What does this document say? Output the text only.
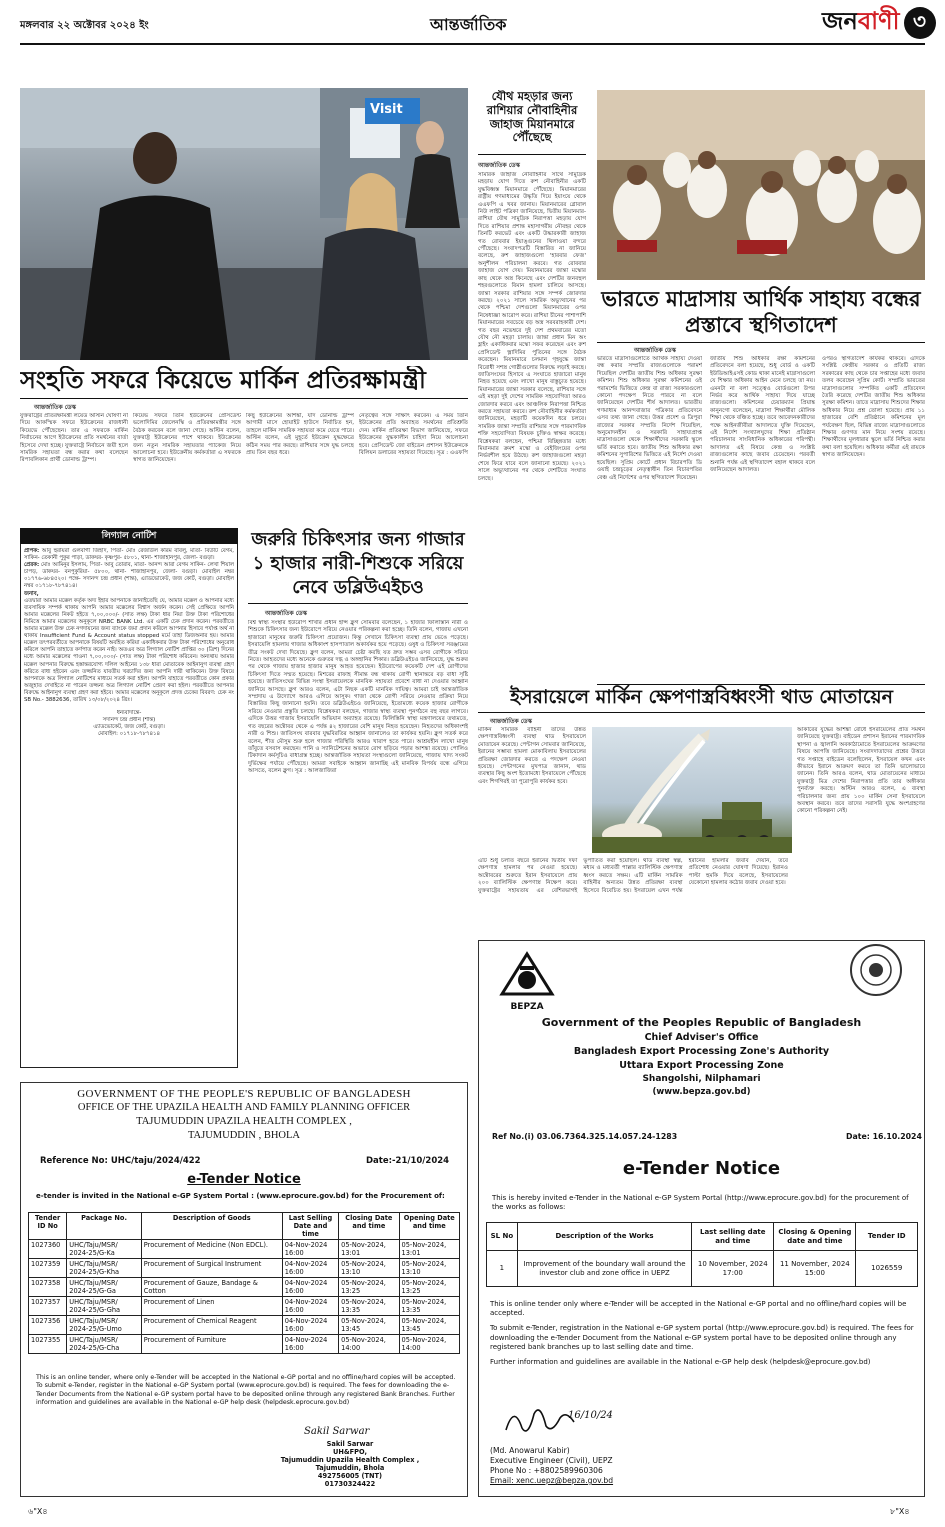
মঙ্গলবার ২২ অক্টোবর ২০২৪ ইং	আন্তর্জাতিক	জন বাণী ৩
Visit
যৌথ মহড়ার জন্য রাশিয়ার নৌবাহিনীর জাহাজ মিয়ানমারে পৌঁছেছে
আন্তর্জাতিক ডেস্ক
সামরিক জাহাজ নৌবাহিনীর সাথে সামুদ্রিক মহড়ায় যোগ দিতে রুশ নৌবাহিনীর একটি যুদ্ধবিধ্বস্ত মিয়ানমারে পৌঁছেছে। মিয়ানমারের রাষ্ট্রীয় গণমাধ্যমের উদ্ধৃতি দিয়ে ইয়াংয়ে থেকে এএফপি এ খবর জানায়। মিয়ানমারের গ্লোবাল নিউ লাইট পত্রিকা জানিয়েছে, দ্বিতীয় মিয়ানমার-রাশিয়া যৌথ সামুদ্রিক নিরাপত্তা মহড়ায় যোগ দিতে রাশিয়ার প্রশান্ত মহাসাগরীয় নৌবহর থেকে তিনটি করভেট এবং একটি উদ্ধারকারী জাহাজ গত রোববার ইয়াঙ্গুনের থিলাওয়া বন্দরে পৌঁছেছে। সংবাদপত্রটি বিস্তারিত না জানিয়ে বলেছে, রুশ জাহাজগুলো 'হারবার ফেজ' অনুশীলন পরিচালনা করবে। গত রোববার জাহাজ যোগ দেয়। মিয়ানমারের জান্তা মস্কোর কাছ থেকে অস্ত্র কিনেছে এবং দেশটির জনবহুল শহরগুলোতে বিমান হামলা চালিয়ে আসছে। জান্তা সরকার রাশিয়ার সঙ্গে সম্পর্ক জোরদার করছে। ২০২১ সালে সামরিক অভ্যুত্থানের পর থেকে পশ্চিমা দেশগুলো মিয়ানমারের ওপর নিষেধাজ্ঞা আরোপ করে। রাশিয়া চীনের পাশাপাশি মিয়ানমারের সবচেয়ে বড় অস্ত্র সরবরাহকারী দেশ। গত বছর নভেম্বরে দুই দেশ প্রথমবারের মতো যৌথ নৌ মহড়া চালায়। জান্তা প্রধান মিন অং হ্লাইং একাধিকবার মস্কো সফর করেছেন এবং রুশ প্রেসিডেন্ট ভ্লাদিমির পুতিনের সঙ্গে বৈঠক করেছেন। মিয়ানমারে চলমান গৃহযুদ্ধে জান্তা বিরোধী সশস্ত্র গোষ্ঠীগুলোর বিরুদ্ধে লড়াই করছে। জাতিসংঘের হিসাবে এ সংঘাতে হাজারো মানুষ নিহত হয়েছে এবং লাখো মানুষ বাস্তুচ্যুত হয়েছে। মিয়ানমারের জান্তা সরকার বলেছে, রাশিয়ার সঙ্গে এই মহড়া দুই দেশের সামরিক সহযোগিতা আরও জোরদার করবে এবং আঞ্চলিক নিরাপত্তা নিশ্চিত করতে সহায়তা করবে। রুশ নৌবাহিনীর কর্মকর্তারা জানিয়েছেন, মহড়াটি কয়েকদিন ধরে চলবে। সামরিক জান্তা সম্প্রতি রাশিয়ার সঙ্গে পারমাণবিক শক্তি সহযোগিতা বিষয়ক চুক্তিও স্বাক্ষর করেছে। বিশ্লেষকরা বলছেন, পশ্চিমা বিচ্ছিন্নতার মধ্যে মিয়ানমার ক্রমশ মস্কো ও বেইজিংয়ের ওপর নির্ভরশীল হয়ে উঠছে। রুশ জাহাজগুলো মহড়া শেষে ফিরে যাবে বলে জানানো হয়েছে। ২০২১ সালে অভ্যুত্থানের পর থেকে দেশটিতে সংঘাত চলছে।
ভারতে মাদ্রাসায় আর্থিক সাহায্য বন্ধের প্রস্তাবে স্থগিতাদেশ
আন্তর্জাতিক ডেস্ক
ভারতে মাদ্রাসাগুলোতে আর্থিক সাহায্য দেওয়া বন্ধ করার সম্প্রতি রাজ্যগুলোকে পরামর্শ দিয়েছিল দেশটির জাতীয় শিশু অধিকার সুরক্ষা কমিশন। শিশু অধিকার সুরক্ষা কমিশনের ওই পরামর্শের ভিত্তিতে কেন্দ্র বা রাজ্য সরকারগুলো কোনো পদক্ষেপ নিতে পারবে না বলে জানিয়েছেন দেশটির শীর্ষ আদালত। ভারতীয় গণমাধ্যম আনন্দবাজার পত্রিকার প্রতিবেদনে এসব তথ্য জানা গেছে। উত্তর প্রদেশ ও ত্রিপুরা রাজ্যের সরকার সম্প্রতি নির্দেশ দিয়েছিল, অনুমোদনহীন ও সরকারি সাহায্যপ্রাপ্ত মাদ্রাসাগুলো থেকে শিক্ষার্থীদের সরকারি স্কুলে ভর্তি করাতে হবে। জাতীয় শিশু অধিকার রক্ষা কমিশনের সুপারিশের ভিত্তিতে এই নির্দেশ দেওয়া হয়েছিল। সুপ্রিম কোর্টে প্রধান বিচারপতি ডি ওয়াই চন্দ্রচূড়ের নেতৃত্বাধীন তিন বিচারপতির বেঞ্চ এই নির্দেশের ওপর স্থগিতাদেশ দিয়েছেন।
জাতীয় শিশু অধিকার রক্ষা কমিশনের প্রতিবেদনে বলা হয়েছে, শুধু বোর্ড ও একটি ইউডিআইএসই কোড থাকা মানেই মাদ্রাসাগুলো যে শিক্ষার অধিকার আইন মেনে চলছে তা নয়। এমনটা না বলা সত্ত্বেও বোর্ডগুলো উপর নির্ভর করে আর্থিক সাহায্য দিয়ে যাচ্ছে রাজ্যগুলো। কমিশনের চেয়ারম্যান প্রিয়াঙ্ক কানুনগো বলেছেন, মাদ্রাসা শিক্ষার্থীরা মৌলিক শিক্ষা থেকে বঞ্চিত হচ্ছে। তবে আবেদনকারীদের পক্ষে আইনজীবীরা আদালতে যুক্তি দিয়েছেন, এই নির্দেশ সংখ্যালঘুদের শিক্ষা প্রতিষ্ঠান পরিচালনার সাংবিধানিক অধিকারের পরিপন্থী। আদালত এই বিষয়ে কেন্দ্র ও সংশ্লিষ্ট রাজ্যগুলোর কাছে জবাব চেয়েছেন। পরবর্তী শুনানি পর্যন্ত এই স্থগিতাদেশ বহাল থাকবে বলে জানিয়েছেন আদালত।
ওপরও স্থগিতাদেশ কার্যকর থাকবে। এদিকে সংশ্লিষ্ট কেন্দ্রীয় সরকার ও প্রতিটি রাজ্য সরকারের কাছ থেকে চার সপ্তাহের মধ্যে জবাব তলব করেছেন সুপ্রিম কোর্ট। সম্প্রতি ভারতের মাদ্রাসাগুলোর সম্পর্কিত একটি প্রতিবেদন তৈরি করেছে দেশটির জাতীয় শিশু অধিকার সুরক্ষা কমিশন। তাতে মাদ্রাসায় শিশুদের শিক্ষার অধিকার নিয়ে প্রশ্ন তোলা হয়েছে। প্রায় ১১ হাজারের বেশি প্রতিষ্ঠানে কমিশনের মূল পর্যবেক্ষণ ছিল, বিভিন্ন রাজ্যে মাদ্রাসাগুলোতে শিক্ষার গুণগত মান নিয়ে সংশয় রয়েছে। শিক্ষার্থীদের মূলধারার স্কুলে ভর্তি নিশ্চিত করার কথা বলা হয়েছিল। অধিকার কর্মীরা এই রায়কে স্বাগত জানিয়েছেন।
সংহতি সফরে কিয়েভে মার্কিন প্রতিরক্ষামন্ত্রী
আন্তর্জাতিক ডেস্ক
যুক্তরাষ্ট্রের প্রতিরক্ষামন্ত্রী লয়েড অস্টিন ঘোষণা না দিয়ে আকস্মিক সফরে ইউক্রেনের রাজধানী কিয়েভে পৌঁছেছেন। তার এ সফরকে মার্কিন নির্বাচনের আগে ইউক্রেনের প্রতি সমর্থনের বার্তা হিসেবে দেখা হচ্ছে। যুক্তরাষ্ট্রে নির্বাচনে জয়ী হলে সামরিক সহায়তা বন্ধ করার কথা বলেছেন রিপাবলিকান প্রার্থী ডোনাল্ড ট্রাম্প।
কিয়েভ সফরে তিনি ইউক্রেনের প্রেসিডেন্ট ভলোদিমির জেলেনস্কি ও প্রতিরক্ষামন্ত্রীর সঙ্গে বৈঠক করবেন বলে জানা গেছে। অস্টিন বলেন, যুক্তরাষ্ট্র ইউক্রেনের পাশে থাকবে। ইউক্রেনের জন্য নতুন সামরিক সহায়তার প্যাকেজ নিয়ে আলোচনা হবে। ইউক্রেনীয় কর্মকর্তারা এ সফরকে স্বাগত জানিয়েছেন।
কিছু ইউক্রেনের আশঙ্কা, যদি ডোনাল্ড ট্রাম্প আগামী মাসে হোয়াইট হাউসে নির্বাচিত হন, তাহলে মার্কিন সামরিক সহায়তা কমে যেতে পারে। অস্টিন বলেন, এই মুহূর্তে ইউক্রেন যুদ্ধক্ষেত্রে কঠিন সময় পার করছে। রাশিয়ার সঙ্গে যুদ্ধ চলছে প্রায় তিন বছর ধরে।
নেতৃত্বের সঙ্গে সাক্ষাৎ করবেন। এ সময় তিনি ইউক্রেনের প্রতি অব্যাহত সমর্থনের প্রতিশ্রুতি দেন। মার্কিন প্রতিরক্ষা বিভাগ জানিয়েছে, সফরে ইউক্রেনের যুদ্ধকালীন চাহিদা নিয়ে আলোচনা হবে। প্রেসিডেন্ট জো বাইডেন প্রশাসন ইউক্রেনকে বিলিয়ন ডলারের সহায়তা দিয়েছে। সূত্র : এএফপি
লিগ্যাল নোটিশ
প্রাপক: আবু হুরায়রা গুলবাগী জিহাদ, পিতা- মোঃ রেজাউল করিম বাবলু, মাতা- বিউটি বেগম, সাকিন- তেকানী পুকুর পাড়া, ডাকঘর- কৃষ্ণপুর- ৫৮০১, থানা- শাজাহানপুর, জেলা- বগুড়া।
প্রেরক: মোঃ আমিনুর ইসলাম, পিতা- আবু তোরাব, মাতা- আনন্দ আরা বেগম সাকিন- লেখা শিয়াল চাপড়, ডাকঘর- বনপুকুরিয়া- ৫৮০০, থানা- শাজাহানপুর, জেলা- বগুড়া। মোবাইল নম্বর ০১৭৭৬-৬৮৪৫২০। পক্ষে- সদানন্দ চন্দ্র প্রধান (শান্ত), এ্যাডভোকেট, জজ কোর্ট, বগুড়া। মোবাইল নম্বর ০১৭১৮-৭৮৭৪১৪।
জনাব,
এতদ্বারা আমার মক্কেল কর্তৃক অদ্য ইহার আপনাকে জানাইতেছি যে, আমার মক্কেল ও আপনার মধ্যে ব্যবসায়িক সম্পর্ক থাকায় আপনি আমার মক্কেলের বিশ্বাস অর্জন করেন। সেই প্রেক্ষিতে আপনি আমার মক্কেলের নিকট হইতে ৭,০০,০০০/- (সাত লক্ষ) টাকা ধার নিয়া উক্ত টাকা পরিশোধের নিমিত্তে আমার মক্কেলের অনুকূলে NRBC BANK Ltd. এর একটি চেক প্রদান করেন। পরবর্তীতে আমার মক্কেল উক্ত চেক নগদায়নের জন্য ব্যাংকে জমা প্রদান করিলে আপনার হিসাবে পর্যাপ্ত অর্থ না থাকায় Insufficient Fund & Account status stopped মর্মে তাহা ডিজঅনার হয়। আমার মক্কেল তৎপরবর্তীতে আপনাকে বিষয়টি অবহিত করিয়া একাধিকবার উক্ত টাকা পরিশোধের অনুরোধ করিলে আপনি তাহাতে কর্ণপাত করেন নাই। অতএব অত্র লিগ্যাল নোটিশ প্রাপ্তির ৩০ (ত্রিশ) দিনের মধ্যে আমার মক্কেলের পাওনা ৭,০০,০০০/- (সাত লক্ষ) টাকা পরিশোধ করিবেন। অন্যথায় আমার মক্কেল আপনার বিরুদ্ধে হস্তান্তরযোগ্য দলিল আইনের ১৩৮ ধারা মোতাবেক আইনানুগ ব্যবস্থা গ্রহণ করিতে বাধ্য হইবেন এবং তজ্জনিত যাবতীয় খরচাদির জন্য আপনি দায়ী থাকিবেন। উক্ত বিষয়ে আপনাকে অত্র লিগ্যাল নোটিশের মাধ্যমে সতর্ক করা হইল। আপনি যাহাতে পরবর্তীতে কোন প্রকার অজুহাত দেখাইতে না পারেন তজ্জন্য অত্র লিগ্যাল নোটিশ প্রেরণ করা হইল। পরবর্তীতে আপনার বিরুদ্ধে আইনানুগ ব্যবস্থা গ্রহণ করা হইবে। আমার মক্কেলের অনুকূলে প্রদত্ত চেকের বিবরণ: চেক নং SB No.- 3882636, তারিখ ১৩/০৮/২০২৪ খ্রিঃ।

ধন্যবাদান্তে-
সদানন্দ চন্দ্র প্রধান (শান্ত)
এ্যাডভোকেট, জজ কোর্ট, বগুড়া।
মোবাইল: ০১৭১৮-৭৮৭৪১৪
জরুরি চিকিৎসার জন্য গাজার ১ হাজার নারী-শিশুকে সরিয়ে নেবে ডব্লিউএইচও
আন্তর্জাতিক ডেস্ক
বিশ্ব স্বাস্থ্য সংস্থার ইউরোপ শাখার প্রধান হান্স ক্লুগ সোমবার বলেছেন, ১ হাজার ফিলিস্তিনি নারী ও শিশুকে চিকিৎসার জন্য ইউরোপে সরিয়ে নেওয়ার পরিকল্পনা করা হচ্ছে। তিনি বলেন, গাজায় এখনো হাজারো মানুষের জরুরি চিকিৎসা প্রয়োজন। কিন্তু সেখানে চিকিৎসা ব্যবস্থা প্রায় ভেঙে পড়েছে। ইসরায়েলি হামলায় গাজার অধিকাংশ হাসপাতাল অকার্যকর হয়ে পড়েছে। ওষুধ ও চিকিৎসা সরঞ্জামের তীব্র সংকট দেখা দিয়েছে। ক্লুগ বলেন, আমরা চেষ্টা করছি যত দ্রুত সম্ভব এসব রোগীকে সরিয়ে নিতে। আহতদের মধ্যে অনেকে গুরুতর দগ্ধ ও অঙ্গহানির শিকার। ডব্লিউএইচও জানিয়েছে, যুদ্ধ শুরুর পর থেকে গাজায় হাজার হাজার মানুষ আহত হয়েছেন। ইউরোপের কয়েকটি দেশ এই রোগীদের চিকিৎসা দিতে সম্মত হয়েছে। মিশরের রাফাহ সীমান্ত বন্ধ থাকায় রোগী স্থানান্তরে বড় বাধা সৃষ্টি হয়েছে। জাতিসংঘের বিভিন্ন সংস্থা ইসরায়েলকে মানবিক সহায়তা প্রবেশে বাধা না দেওয়ার আহ্বান জানিয়ে আসছে। ক্লুগ আরও বলেন, এটা নিছক একটি মানবিক দায়িত্ব। আমরা চাই আন্তর্জাতিক সম্প্রদায় এ উদ্যোগে আরও এগিয়ে আসুক। গাজা থেকে রোগী সরিয়ে নেওয়ার প্রক্রিয়া নিয়ে বিস্তারিত কিছু জানানো হয়নি। তবে ডব্লিউএইচও জানিয়েছে, ইতোমধ্যে কয়েক হাজার রোগীকে সরিয়ে নেওয়ার প্রস্তুতি চলছে। বিশ্লেষকরা বলছেন, গাজার স্বাস্থ্য ব্যবস্থা পুনর্গঠনে বহু বছর লাগবে। এদিকে উত্তর গাজায় ইসরায়েলি অভিযান অব্যাহত রয়েছে। ফিলিস্তিনি স্বাস্থ্য মন্ত্রণালয়ের তথ্যমতে, গত বছরের অক্টোবর থেকে এ পর্যন্ত ৪২ হাজারের বেশি মানুষ নিহত হয়েছেন। নিহতদের অধিকাংশই নারী ও শিশু। জাতিসংঘ বারবার যুদ্ধবিরতির আহ্বান জানালেও তা কার্যকর হয়নি। ক্লুগ সতর্ক করে বলেন, শীত মৌসুম শুরু হলে গাজার পরিস্থিতি আরও খারাপ হতে পারে। আশ্রয়হীন লাখো মানুষ তাঁবুতে বসবাস করছেন। পানি ও স্যানিটেশনের অভাবে রোগ ছড়িয়ে পড়ার আশঙ্কা রয়েছে। পোলিও টিকাদান কর্মসূচিও বাধাগ্রস্ত হচ্ছে। আন্তর্জাতিক সহায়তা সংস্থাগুলো জানিয়েছে, গাজায় খাদ্য সংকট দুর্ভিক্ষের পর্যায়ে পৌঁছেছে। আমরা সবাইকে আহ্বান জানাচ্ছি এই মানবিক বিপর্যয় বন্ধে এগিয়ে আসতে, বলেন ক্লুগ। সূত্র : আলজাজিরা
ইসরায়েলে মার্কিন ক্ষেপণাস্ত্রবিধ্বংসী থাড মোতায়েন
আন্তর্জাতিক ডেস্ক
মার্কিন সামরিক বাহিনী তাদের উন্নত ক্ষেপণাস্ত্রবিধ্বংসী ব্যবস্থা থাড ইসরায়েলে মোতায়েন করেছে। পেন্টাগন সোমবার জানিয়েছে, ইরানের সম্ভাব্য হামলা মোকাবিলায় ইসরায়েলের প্রতিরক্ষা জোরদার করতে এ পদক্ষেপ নেওয়া হয়েছে। পেন্টাগনের মুখপাত্র জানান, থাড ব্যবস্থার কিছু অংশ ইতোমধ্যে ইসরায়েলে পৌঁছেছে এবং শিগগিরই তা পুরোপুরি কার্যকর হবে।
আকারের যুদ্ধের আশঙ্কা রোধে ইসরায়েলের প্রতি সমর্থন জানিয়েছে যুক্তরাষ্ট্র। বাইডেন প্রশাসন ইরানের পারমাণবিক স্থাপনা ও জ্বালানি অবকাঠামোতে ইসরায়েলের আক্রমণের বিষয়ে আপত্তি জানিয়েছে। সংবাদদাতাদের প্রশ্নের উত্তরে গত সপ্তাহে বাইডেন বলেছিলেন, ইসরায়েল কখন এবং কীভাবে ইরানে আক্রমণ করবে তা তিনি ভালোভাবে জানেন। তিনি আরও বলেন, থাড মোতায়েনের মাধ্যমে যুক্তরাষ্ট্র মিত্র দেশের নিরাপত্তার প্রতি তার অঙ্গীকার পুনর্ব্যক্ত করছে। অস্টিন আরও বলেন, এ ব্যবস্থা পরিচালনার জন্য প্রায় ১০০ মার্কিন সেনা ইসরায়েলে অবস্থান করবে। তবে তাদের সরাসরি যুদ্ধে অংশগ্রহণের কোনো পরিকল্পনা নেই।
এটি শুধু চলতি বছরে ইরানের দ্বিতীয় দফা ক্ষেপণাস্ত্র হামলার পর নেওয়া হয়েছে। অক্টোবরের শুরুতে ইরান ইসরায়েলে প্রায় ২০০ ব্যালিস্টিক ক্ষেপণাস্ত্র নিক্ষেপ করে। যুক্তরাষ্ট্রের সহায়তায় এর বেশিরভাগই ভূপাতিত করা হয়েছিল। থাড ব্যবস্থা স্বল্প, মধ্যম ও মধ্যবর্তী পাল্লার ব্যালিস্টিক ক্ষেপণাস্ত্র ধ্বংস করতে সক্ষম। এটি মার্কিন সামরিক বাহিনীর অন্যতম উন্নত প্রতিরক্ষা ব্যবস্থা হিসেবে বিবেচিত হয়। ইসরায়েল এখন পর্যন্ত ইরানের হামলার জবাব দেয়নি, তবে প্রতিশোধ নেওয়ার ঘোষণা দিয়েছে। ইরানও পাল্টা হুমকি দিয়ে বলেছে, ইসরায়েলের যেকোনো হামলার কঠোর জবাব দেওয়া হবে।
GOVERNMENT OF THE PEOPLE'S REPUBLIC OF BANGLADESH
OFFICE OF THE UPAZILA HEALTH AND FAMILY PLANNING OFFICER
TAJUMUDDIN UPAZILA HEALTH COMPLEX ,
TAJUMUDDIN , BHOLA
Reference No: UHC/taju/2024/422	Date:-21/10/2024
e-Tender Notice
e-tender is invited in the National e-GP System Portal : (www.eprocure.gov.bd) for the Procurement of:
Tender ID No	Package No.	Description of Goods	Last Selling Date and time	Closing Date and time	Opening Date and time
1027360	UHC/Taju/MSR/ 2024-25/G-Ka	Procurement of Medicine (Non EDCL).	04-Nov-2024 16:00	05-Nov-2024, 13:01	05-Nov-2024, 13:01
1027359	UHC/Taju/MSR/ 2024-25/G-Kha	Procurement of Surgical Instrument	04-Nov-2024 16:00	05-Nov-2024, 13:10	05-Nov-2024, 13:10
1027358	UHC/Taju/MSR/ 2024-25/G-Ga	Procurement of Gauze, Bandage & Cotton	04-Nov-2024 16:00	05-Nov-2024, 13:25	05-Nov-2024, 13:25
1027357	UHC/Taju/MSR/ 2024-25/G-Gha	Procurement of Linen	04-Nov-2024 16:00	05-Nov-2024, 13:35	05-Nov-2024, 13:35
1027356	UHC/Taju/MSR/ 2024-25/G-Umo	Procurement of Chemical Reagent	04-Nov-2024 16:00	05-Nov-2024, 13:45	05-Nov-2024, 13:45
1027355	UHC/Taju/MSR/ 2024-25/G-Cha	Procurement of Furniture	04-Nov-2024 16:00	05-Nov-2024, 14:00	05-Nov-2024, 14:00
This is an online tender, where only e-Tender will be accepted in the National e-GP portal and no offline/hard copies will be accepted. To submit e-Tender, register in the National e-GP System portal (www.eprocure.gov.bd) is required. The fees for downloading the e-Tender Documents from the National e-GP system portal have to be deposited online through any registered Bank Branches. Further information and guidelines are available in the National e-GP help desk (helpdesk.eprocure.gov.bd)
Sakil Sarwar
Sakil Sarwar
UH&FPO,
Tajumuddin Upazila Health Complex ,
Tajumuddin, Bhola
492756005 (TNT)
01730324422
BEPZA
Government of the Peoples Republic of Bangladesh
Chief Adviser's Office
Bangladesh Export Processing Zone's Authority
Uttara Export Processing Zone
Shangolshi, Nilphamari
(www.bepza.gov.bd)
Ref No.(i) 03.06.7364.325.14.057.24-1283	Date: 16.10.2024
e-Tender Notice
This is hereby invited e-Tender in the National e-GP System Portal (http://www.eprocure.gov.bd) for the procurement of the works as follows:
SL No	Description of the Works	Last selling date and time	Closing & Opening date and time	Tender ID
1	Improvement of the boundary wall around the investor club and zone office in UEPZ	10 November, 2024 17:00	11 November, 2024 15:00	1026559

This is online tender only where e-Tender will be accepted in the National e-GP portal and no offline/hard copies will be accepted.

To submit e-Tender, registration in the National e-GP system portal (http://www.eprocure.gov.bd) is required. The fees for downloading the e-Tender Document from the National e-GP system portal have to be deposited online through any registered bank branches up to last selling date and time.

Further information and guidelines are available in the National e-GP help desk (helpdesk@eprocure.gov.bd)

16/10/24
(Md. Anowarul Kabir)
Executive Engineer (Civil), UEPZ
Phone No : +8802589960306
Email: xenc.uepz@bepza.gov.bd
৬"X৪	৮"X৪
